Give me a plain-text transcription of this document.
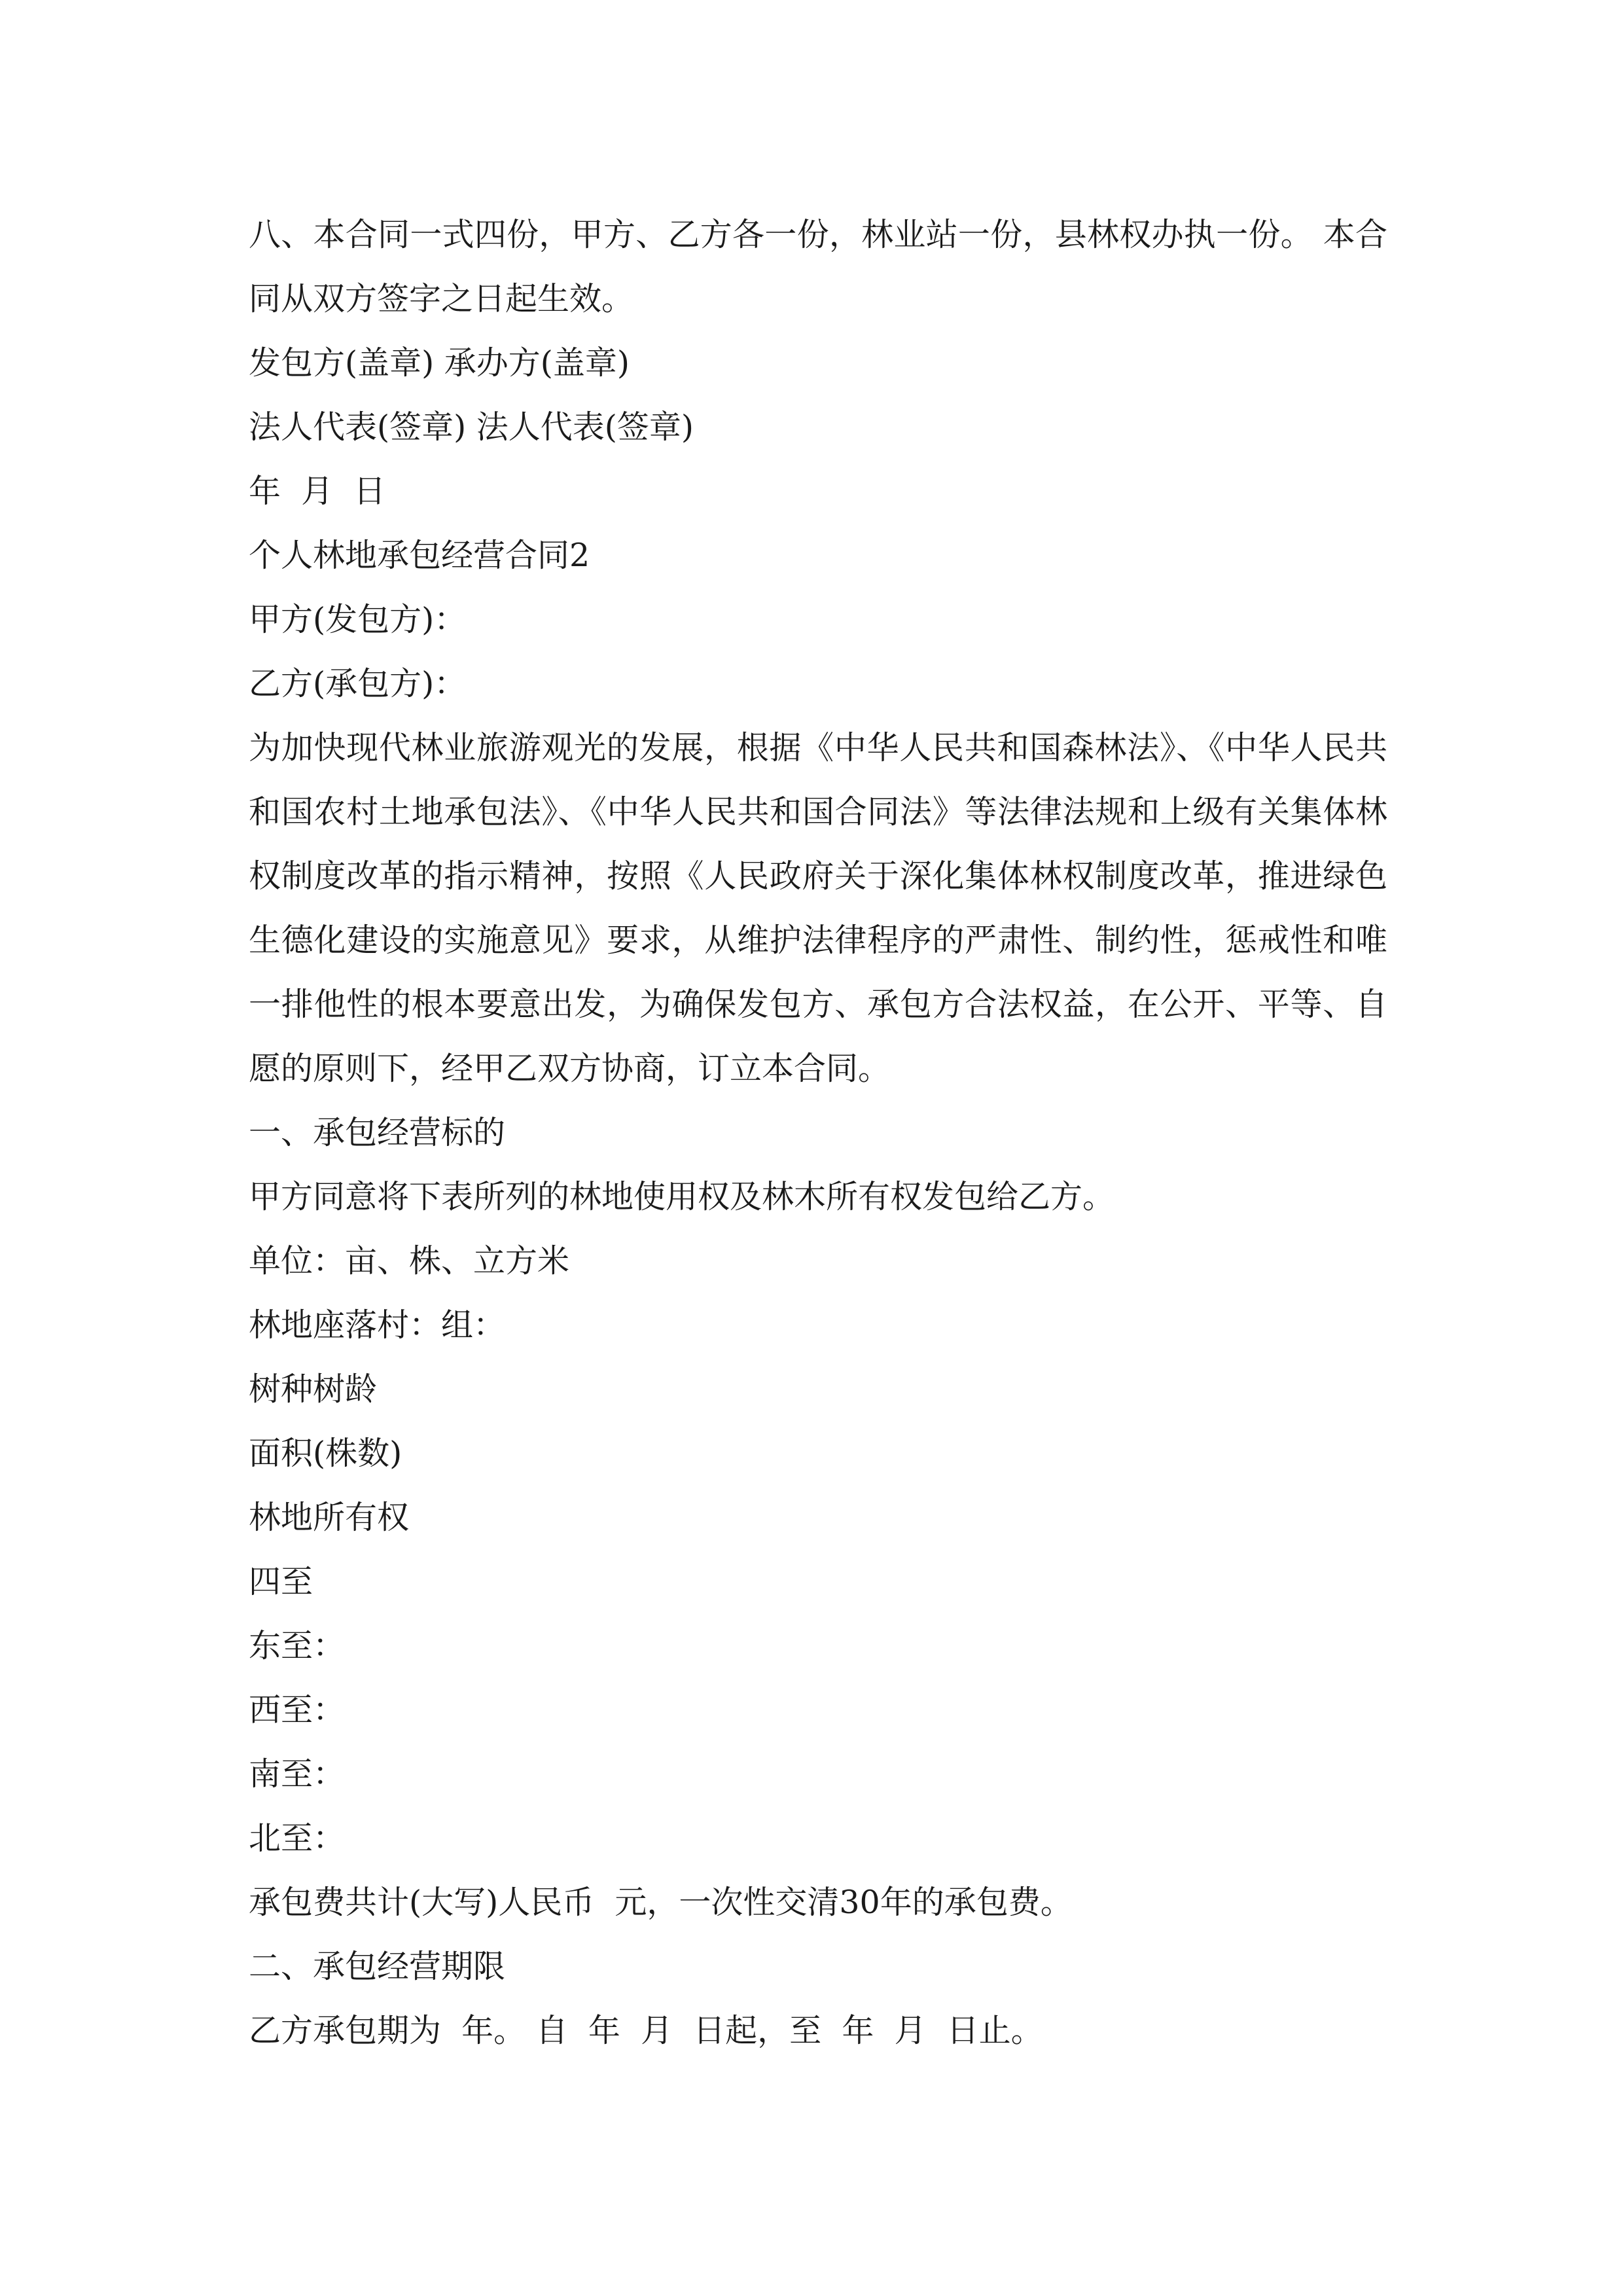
八、本合同一式四份，甲方、乙方各一份，林业站一份，县林权办执一份。 本合同从双方签字之日起生效。

发包方(盖章) 承办方(盖章)

法人代表(签章) 法人代表(签章)

年  月  日

个人林地承包经营合同2

甲方(发包方)：

乙方(承包方)：

为加快现代林业旅游观光的发展，根据《中华人民共和国森林法》、《中华人民共和国农村土地承包法》、《中华人民共和国合同法》等法律法规和上级有关集体林权制度改革的指示精神，按照《人民政府关于深化集体林权制度改革，推进绿色生德化建设的实施意见》要求，从维护法律程序的严肃性、制约性，惩戒性和唯一排他性的根本要意出发，为确保发包方、承包方合法权益，在公开、平等、自愿的原则下，经甲乙双方协商，订立本合同。

一、承包经营标的

甲方同意将下表所列的林地使用权及林木所有权发包给乙方。

单位：亩、株、立方米

林地座落村：组：

树种树龄

面积(株数)

林地所有权

四至

东至：

西至：

南至：

北至：

承包费共计(大写)人民币  元，一次性交清30年的承包费。

二、承包经营期限

乙方承包期为  年。 自  年  月  日起，至  年  月  日止。
